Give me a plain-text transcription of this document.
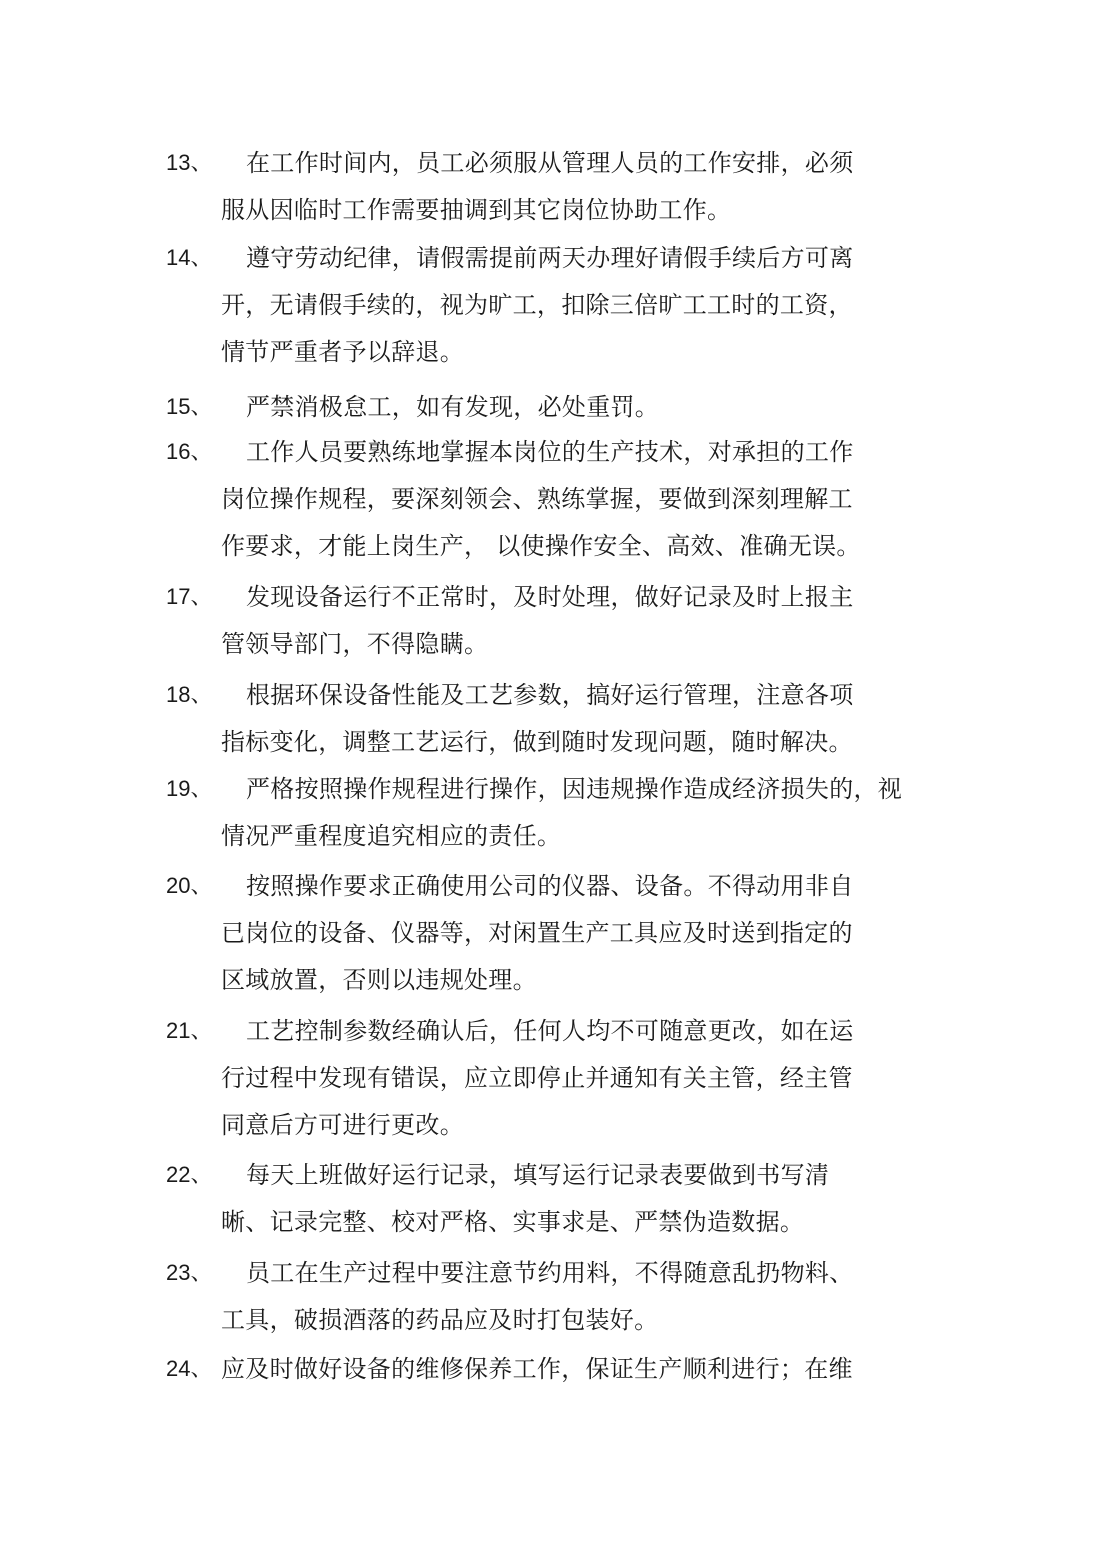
13、 在工作时间内，员工必须服从管理人员的工作安排，必须
服从因临时工作需要抽调到其它岗位协助工作。
14、 遵守劳动纪律，请假需提前两天办理好请假手续后方可离
开，无请假手续的，视为旷工，扣除三倍旷工工时的工资，
情节严重者予以辞退。
15、 严禁消极怠工，如有发现，必处重罚。
16、 工作人员要熟练地掌握本岗位的生产技术，对承担的工作
岗位操作规程，要深刻领会、熟练掌握，要做到深刻理解工
作要求，才能上岗生产， 以使操作安全、高效、准确无误。
17、 发现设备运行不正常时，及时处理，做好记录及时上报主
管领导部门，不得隐瞒。
18、 根据环保设备性能及工艺参数，搞好运行管理，注意各项
指标变化，调整工艺运行，做到随时发现问题，随时解决。
19、 严格按照操作规程进行操作，因违规操作造成经济损失的，视
情况严重程度追究相应的责任。
20、 按照操作要求正确使用公司的仪器、设备。不得动用非自
已岗位的设备、仪器等，对闲置生产工具应及时送到指定的
区域放置，否则以违规处理。
21、 工艺控制参数经确认后，任何人均不可随意更改，如在运
行过程中发现有错误，应立即停止并通知有关主管，经主管
同意后方可进行更改。
22、 每天上班做好运行记录，填写运行记录表要做到书写清
晰、记录完整、校对严格、实事求是、严禁伪造数据。
23、 员工在生产过程中要注意节约用料，不得随意乱扔物料、
工具，破损酒落的药品应及时打包装好。
24、 应及时做好设备的维修保养工作，保证生产顺利进行；在维
